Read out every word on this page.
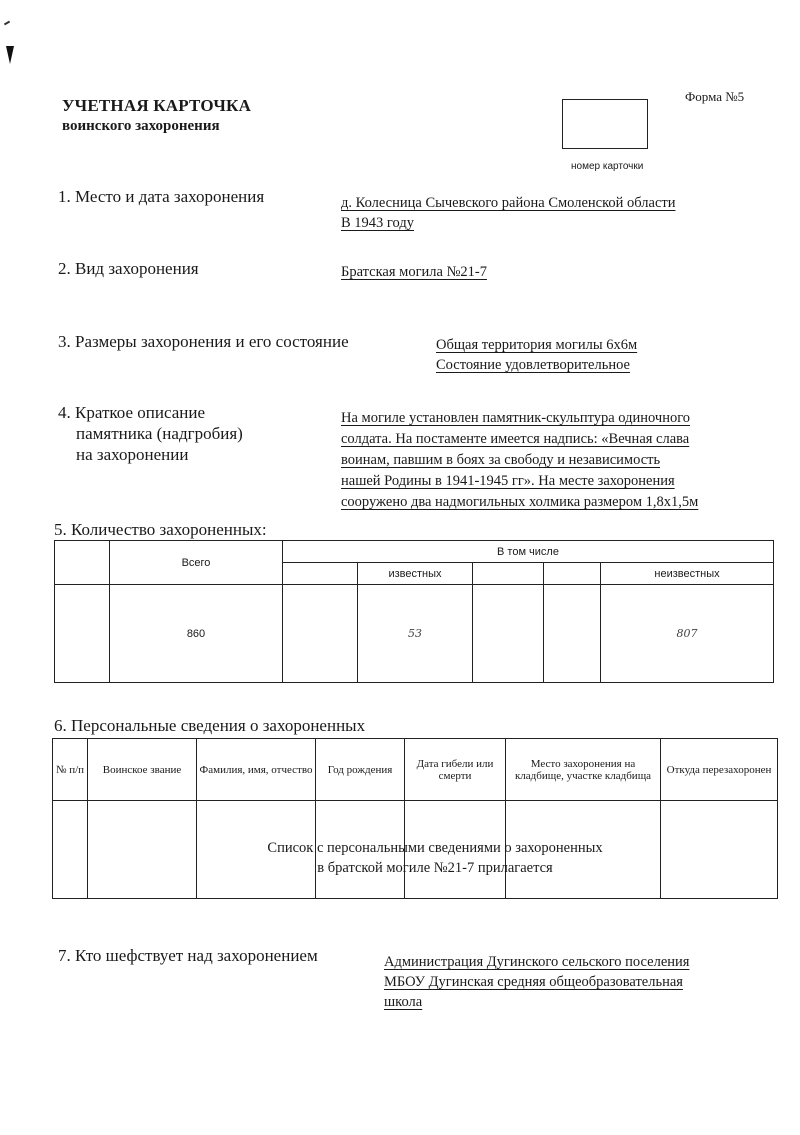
УЧЕТНАЯ КАРТОЧКА
воинского захоронения
Форма №5
номер карточки
1. Место и дата захоронения	д. Колесница Сычевского района Смоленской области
В 1943 году
2. Вид захоронения	Братская могила №21-7
3. Размеры захоронения и его состояние	Общая территория могилы 6х6м
Состояние удовлетворительное
4. Краткое описание
памятника (надгробия)
на захоронении
На могиле установлен памятник-скульптура одиночного
солдата. На постаменте имеется надпись: «Вечная слава
воинам, павшим в боях за свободу и независимость
нашей Родины в 1941-1945 гг». На месте захоронения
сооружено два надмогильных холмика размером 1,8х1,5м
5. Количество захороненных:
	Всего	В том числе				
			известных			неизвестных
	860		53			807
6. Персональные сведения о захороненных
№ п/п	Воинское звание	Фамилия, имя, отчество	Год рождения	Дата гибели или смерти	Место захоронения на кладбище, участке кладбища	Откуда перезахоронен

Список с персональными сведениями о захороненных
в братской могиле №21-7 прилагается
7. Кто шефствует над захоронением	Администрация Дугинского сельского поселения
МБОУ Дугинская средняя общеобразовательная
школа
